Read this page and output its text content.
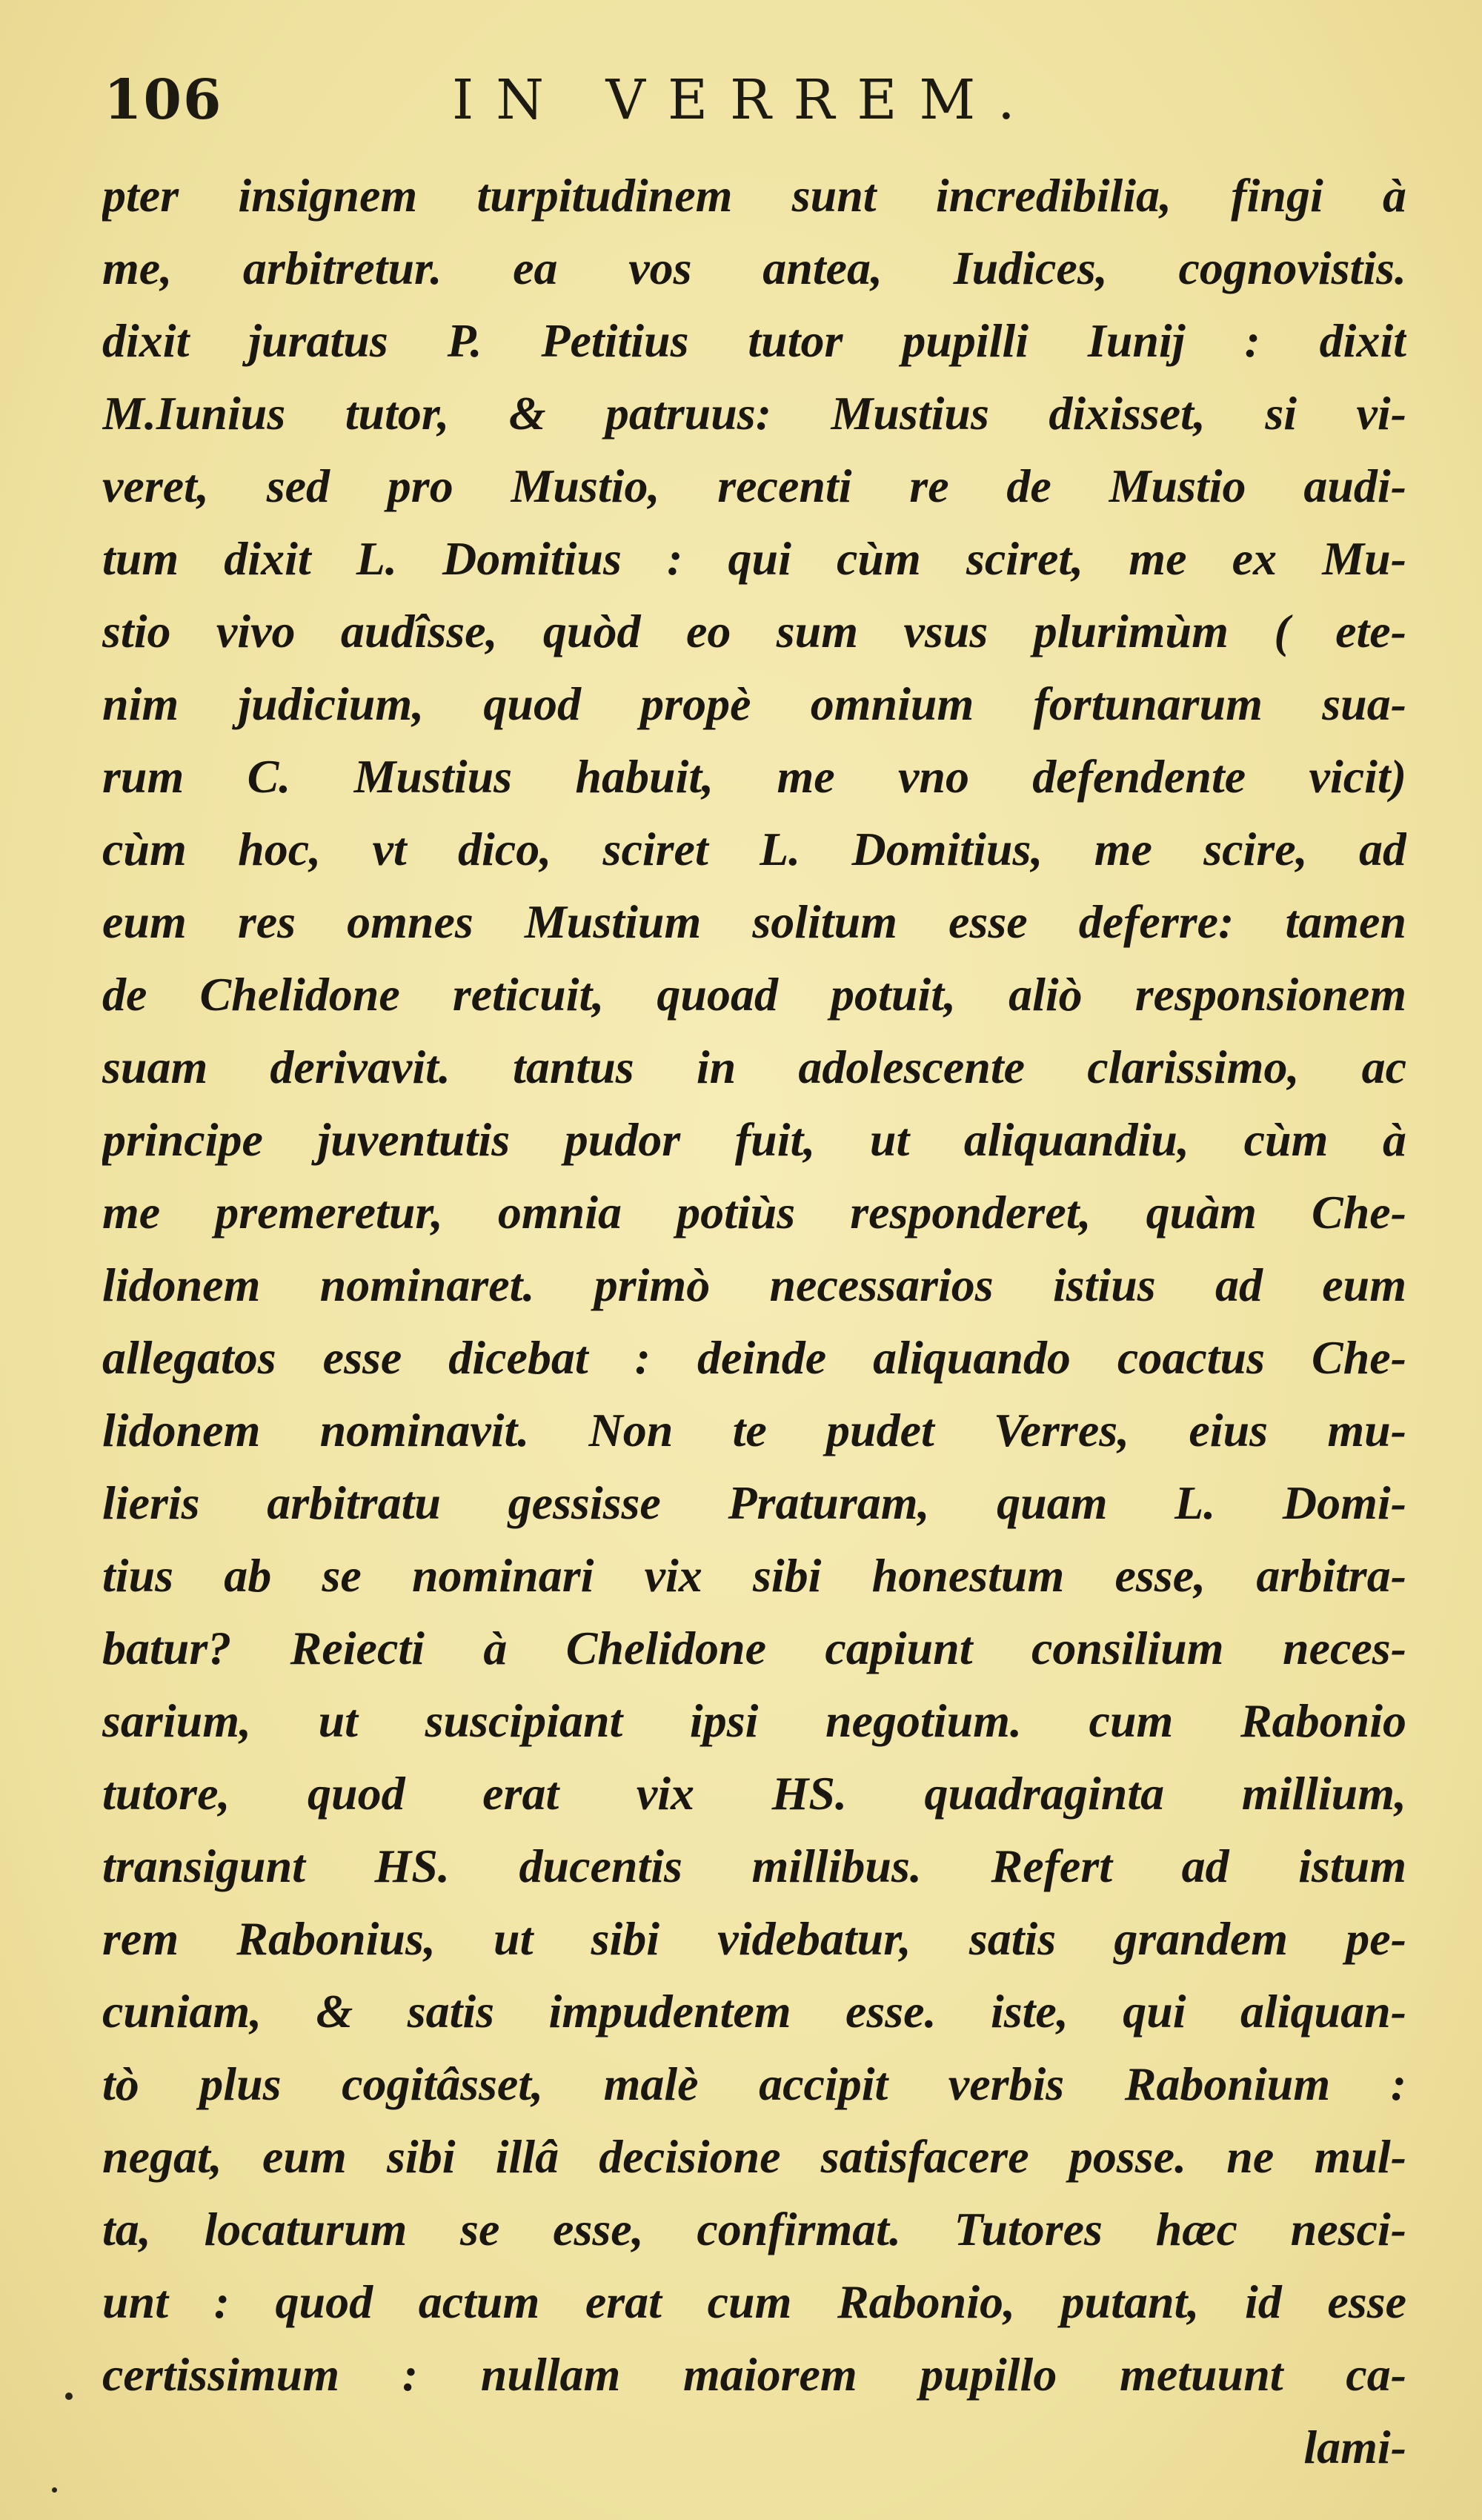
106	IN VERREM.
pter insignem turpitudinem sunt incredibilia, fingi à
me, arbitretur. ea vos antea, Iudices, cognovistis.
dixit juratus P. Petitius tutor pupilli Iunij : dixit
M.Iunius tutor, & patruus: Mustius dixisset, si vi-
veret, sed pro Mustio, recenti re de Mustio audi-
tum dixit L. Domitius : qui cùm sciret, me ex Mu-
stio vivo audîsse, quòd eo sum vsus plurimùm ( ete-
nim judicium, quod propè omnium fortunarum sua-
rum C. Mustius habuit, me vno defendente vicit)
cùm hoc, vt dico, sciret L. Domitius, me scire, ad
eum res omnes Mustium solitum esse deferre: tamen
de Chelidone reticuit, quoad potuit, aliò responsionem
suam derivavit. tantus in adolescente clarissimo, ac
principe juventutis pudor fuit, ut aliquandiu, cùm à
me premeretur, omnia potiùs responderet, quàm Che-
lidonem nominaret. primò necessarios istius ad eum
allegatos esse dicebat : deinde aliquando coactus Che-
lidonem nominavit. Non te pudet Verres, eius mu-
lieris arbitratu gessisse Praturam, quam L. Domi-
tius ab se nominari vix sibi honestum esse, arbitra-
batur? Reiecti à Chelidone capiunt consilium neces-
sarium, ut suscipiant ipsi negotium. cum Rabonio
tutore, quod erat vix HS. quadraginta millium,
transigunt HS. ducentis millibus. Refert ad istum
rem Rabonius, ut sibi videbatur, satis grandem pe-
cuniam, & satis impudentem esse. iste, qui aliquan-
tò plus cogitâsset, malè accipit verbis Rabonium :
negat, eum sibi illâ decisione satisfacere posse. ne mul-
ta, locaturum se esse, confirmat. Tutores hæc nesci-
unt : quod actum erat cum Rabonio, putant, id esse
certissimum : nullam maiorem pupillo metuunt ca-
lami-
